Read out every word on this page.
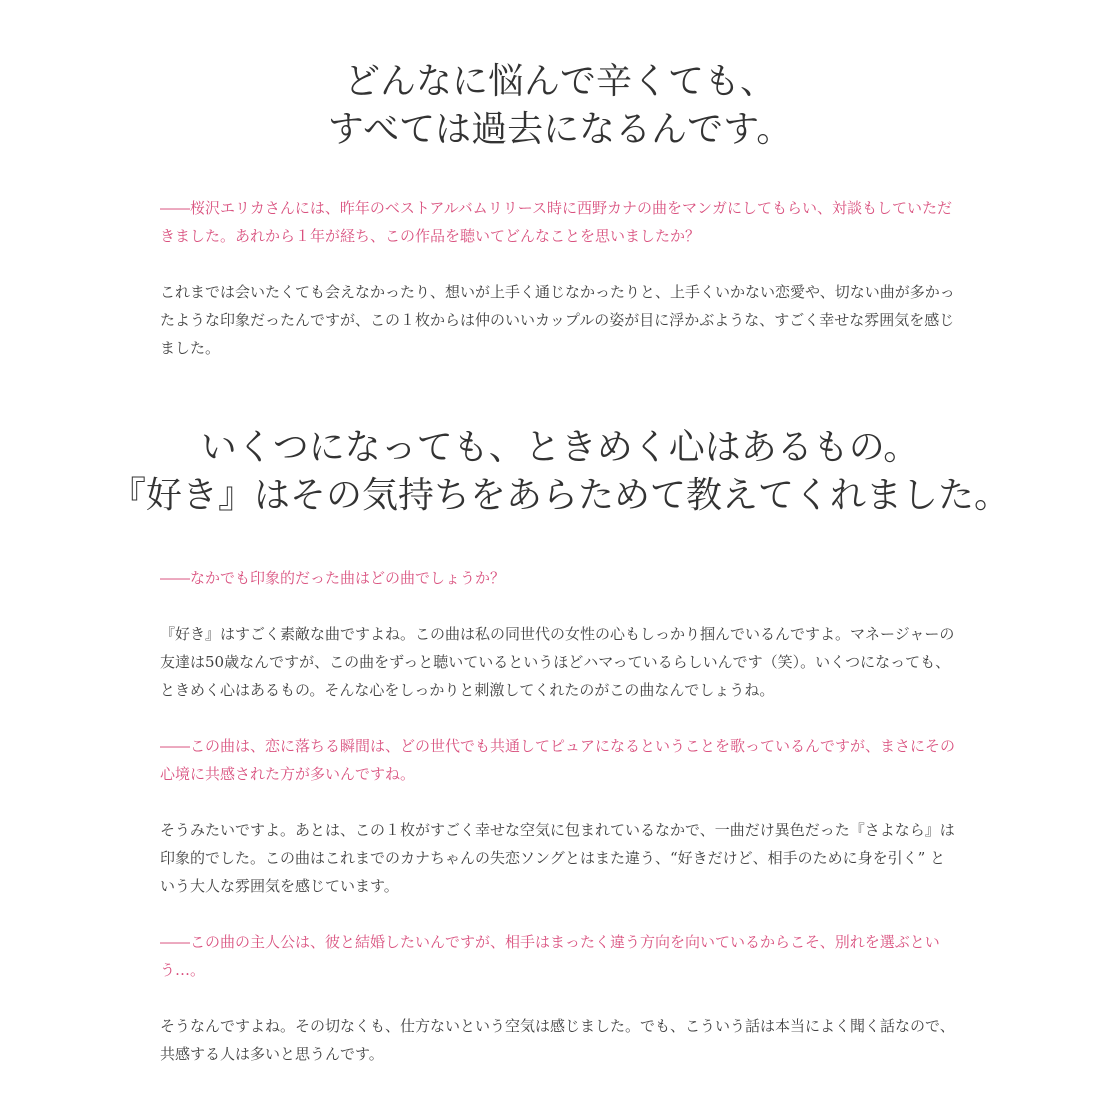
どんなに悩んで辛くても、
すべては過去になるんです。

――桜沢エリカさんには、昨年のベストアルバムリリース時に西野カナの曲をマンガにしてもらい、対談もしていただきました。あれから１年が経ち、この作品を聴いてどんなことを思いましたか？

これまでは会いたくても会えなかったり、想いが上手く通じなかったりと、上手くいかない恋愛や、切ない曲が多かったような印象だったんですが、この１枚からは仲のいいカップルの姿が目に浮かぶような、すごく幸せな雰囲気を感じました。

いくつになっても、ときめく心はあるもの。
『好き』はその気持ちをあらためて教えてくれました。

――なかでも印象的だった曲はどの曲でしょうか？

『好き』はすごく素敵な曲ですよね。この曲は私の同世代の女性の心もしっかり掴んでいるんですよ。マネージャーの友達は50歳なんですが、この曲をずっと聴いているというほどハマっているらしいんです（笑）。いくつになっても、ときめく心はあるもの。そんな心をしっかりと刺激してくれたのがこの曲なんでしょうね。

――この曲は、恋に落ちる瞬間は、どの世代でも共通してピュアになるということを歌っているんですが、まさにその心境に共感された方が多いんですね。

そうみたいですよ。あとは、この１枚がすごく幸せな空気に包まれているなかで、一曲だけ異色だった『さよなら』は印象的でした。この曲はこれまでのカナちゃんの失恋ソングとはまた違う、“好きだけど、相手のために身を引く” という大人な雰囲気を感じています。

――この曲の主人公は、彼と結婚したいんですが、相手はまったく違う方向を向いているからこそ、別れを選ぶという…。

そうなんですよね。その切なくも、仕方ないという空気は感じました。でも、こういう話は本当によく聞く話なので、共感する人は多いと思うんです。
